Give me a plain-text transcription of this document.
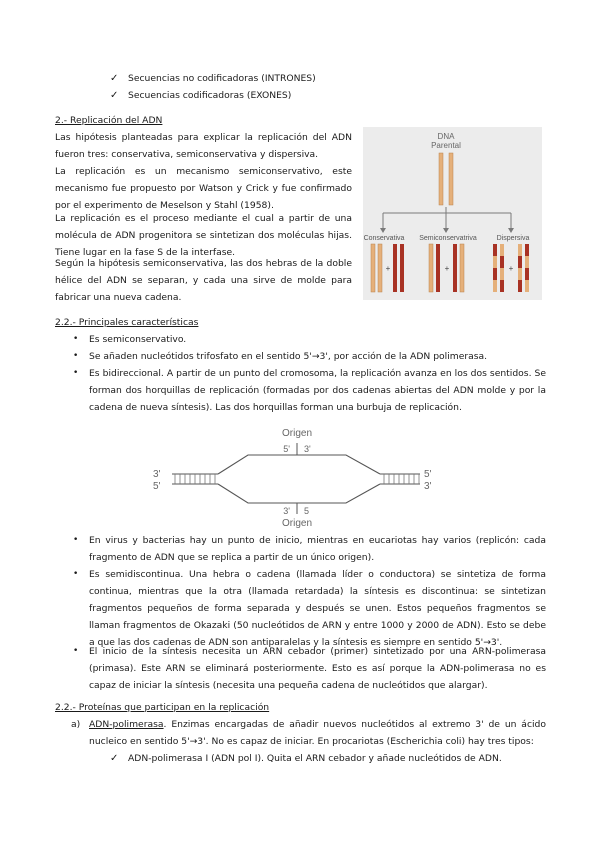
✓ Secuencias no codificadoras (INTRONES)
✓ Secuencias codificadoras (EXONES)
2.- Replicación del ADN
Las hipótesis planteadas para explicar la replicación del ADN fueron tres: conservativa, semiconservativa y dispersiva.
La replicación es un mecanismo semiconservativo, este mecanismo fue propuesto por Watson y Crick y fue confirmado por el experimento de Meselson y Stahl (1958).
La replicación es el proceso mediante el cual a partir de una molécula de ADN progenitora se sintetizan dos moléculas hijas. Tiene lugar en la fase S de la interfase.
Según la hipótesis semiconservativa, las dos hebras de la doble hélice del ADN se separan, y cada una sirve de molde para fabricar una nueva cadena.
DNA
Parental
Conservativa Semiconservatriva	Dispersiva
+	+	+
2.2.- Principales características
• Es semiconservativo.
• Se añaden nucleótidos trifosfato en el sentido 5'→3', por acción de la ADN polimerasa.
• Es bidireccional. A partir de un punto del cromosoma, la replicación avanza en los dos sentidos. Se forman dos horquillas de replicación (formadas por dos cadenas abiertas del ADN molde y por la cadena de nueva síntesis). Las dos horquillas forman una burbuja de replicación.
Origen
5' 3'
3' 5
Origen
3'
5'
5'
3'
• En virus y bacterias hay un punto de inicio, mientras en eucariotas hay varios (replicón: cada fragmento de ADN que se replica a partir de un único origen).
• Es semidiscontinua. Una hebra o cadena (llamada líder o conductora) se sintetiza de forma continua, mientras que la otra (llamada retardada) la síntesis es discontinua: se sintetizan fragmentos pequeños de forma separada y después se unen. Estos pequeños fragmentos se llaman fragmentos de Okazaki (50 nucleótidos de ARN y entre 1000 y 2000 de ADN). Esto se debe a que las dos cadenas de ADN son antiparalelas y la síntesis es siempre en sentido 5'→3'.
• El inicio de la síntesis necesita un ARN cebador (primer) sintetizado por una ARN-polimerasa (primasa). Este ARN se eliminará posteriormente. Esto es así porque la ADN-polimerasa no es capaz de iniciar la síntesis (necesita una pequeña cadena de nucleótidos que alargar).
2.2.- Proteínas que participan en la replicación
a) ADN-polimerasa. Enzimas encargadas de añadir nuevos nucleótidos al extremo 3' de un ácido nucleico en sentido 5'→3'. No es capaz de iniciar. En procariotas (Escherichia coli) hay tres tipos:
✓ ADN-polimerasa I (ADN pol I). Quita el ARN cebador y añade nucleótidos de ADN.
